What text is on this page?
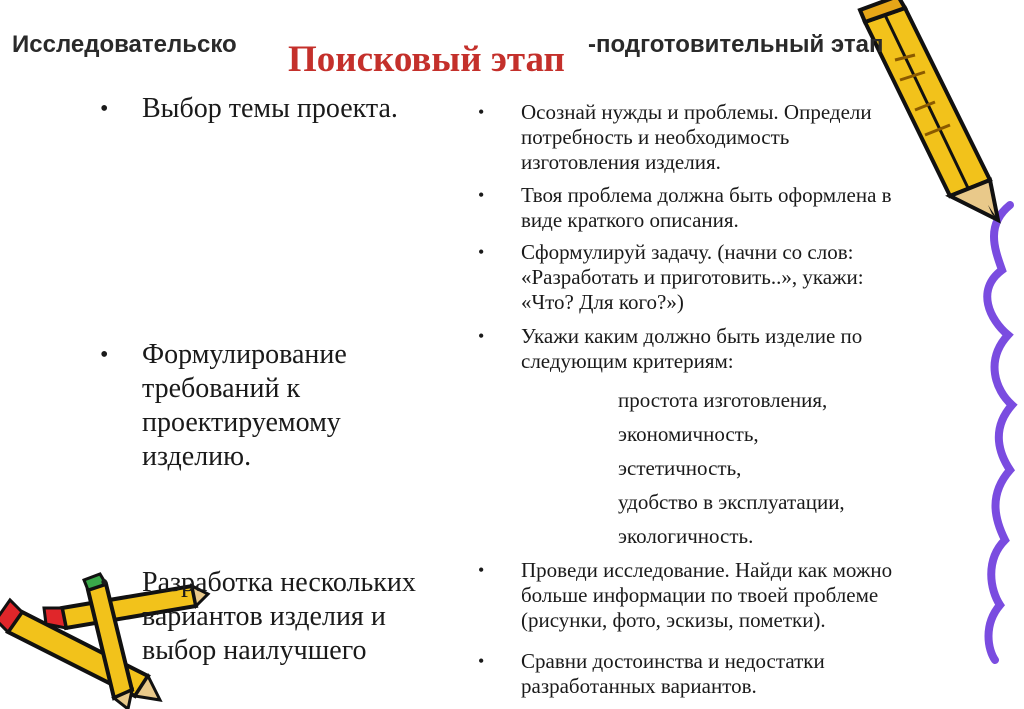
Исследовательско	-подготовительный этап
Поисковый этап
• Выбор темы проекта.
• Формулирование
требований к
проектируемому
изделию.
• Разработка нескольких
вариантов изделия и
выбор наилучшего
• Осознай нужды и проблемы. Определи
потребность и необходимость
изготовления изделия.
• Твоя проблема должна быть оформлена в
виде краткого описания.
• Сформулируй задачу. (начни со слов:
«Разработать и приготовить..», укажи:
«Что? Для кого?»)
• Укажи каким должно быть изделие по
следующим критериям:
простота изготовления,
экономичность,
эстетичность,
удобство в эксплуатации,
экологичность.
• Проведи исследование. Найди как можно
больше информации по твоей проблеме
(рисунки, фото, эскизы, пометки).
• Сравни достоинства и недостатки
разработанных вариантов.
